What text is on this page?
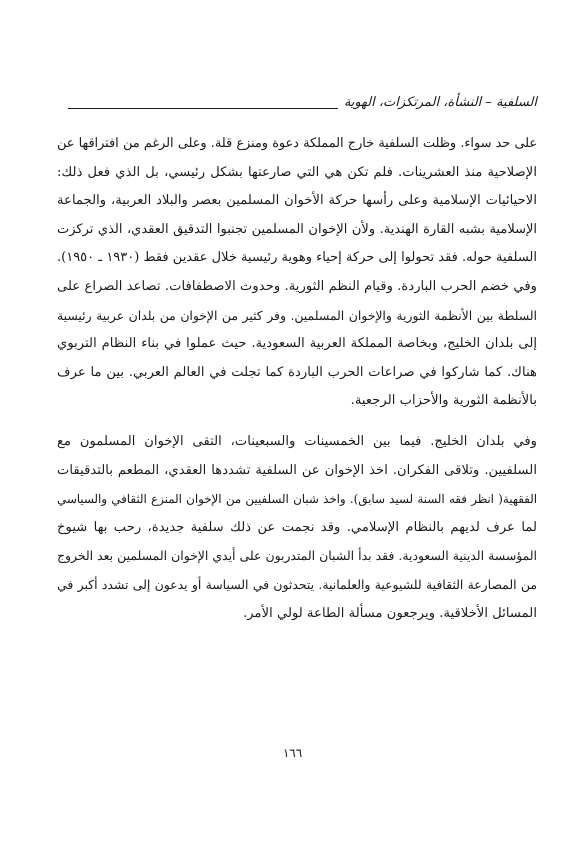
السلفية – النشأة، المرتكزات، الهوية
على حد سواء. وظلت السلفية خارج المملكة دعوة ومنزع قلة. وعلى الرغم من افتراقها عن
الإصلاحية منذ العشرينات. فلم تكن هي التي صارعتها بشكل رئيسي، بل الذي فعل ذلك:
الاحيائيات الإسلامية وعلى رأسها حركة الأخوان المسلمين بعصر والبلاد العربية، والجماعة
الإسلامية بشبه القارة الهندية. ولأن الإخوان المسلمين تجنبوا التدقيق العقدي، الذي تركزت
السلفية حوله. فقد تحولوا إلى حركة إحياء وهوية رئيسية خلال عقدين فقط (١٩٣٠ ـ ١٩٥٠).
وفي خضم الحرب الباردة. وقيام النظم الثورية. وحدوث الاصطفافات. تصاعد الصراع على
السلطة بين الأنظمة الثورية والإخوان المسلمين. وفر كثير من الإخوان من بلدان عربية رئيسية
إلى بلدان الخليج، وبخاصة المملكة العربية السعودية. حيث عملوا في بناء النظام التربوي
هناك. كما شاركوا في صراعات الحرب الباردة كما تجلت في العالم العربي. بين ما عرف
بالأنظمة الثورية والأحزاب الرجعية.
وفي بلدان الخليج. فيما بين الخمسينات والسبعينات، التقى الإخوان المسلمون مع
السلفيين. وتلاقى الفكران. اخذ الإخوان عن السلفية تشددها العقدي، المطعم بالتدقيقات
الفقهية( انظر فقه السنة لسيد سابق). واخذ شبان السلفيين من الإخوان المنزع الثقافي والسياسي
لما عرف لديهم بالنظام الإسلامي. وقد نجمت عن ذلك سلفية جديدة، رحب بها شيوخ
المؤسسة الدينية السعودية. فقد بدأ الشبان المتدربون على أيدي الإخوان المسلمين بعد الخروج
من المصارعة الثقافية للشيوعية والعلمانية. يتحدثون في السياسة أو يدعون إلى تشدد أكبر في
المسائل الأخلاقية. ويرجعون مسألة الطاعة لولي الأمر.
١٦٦
